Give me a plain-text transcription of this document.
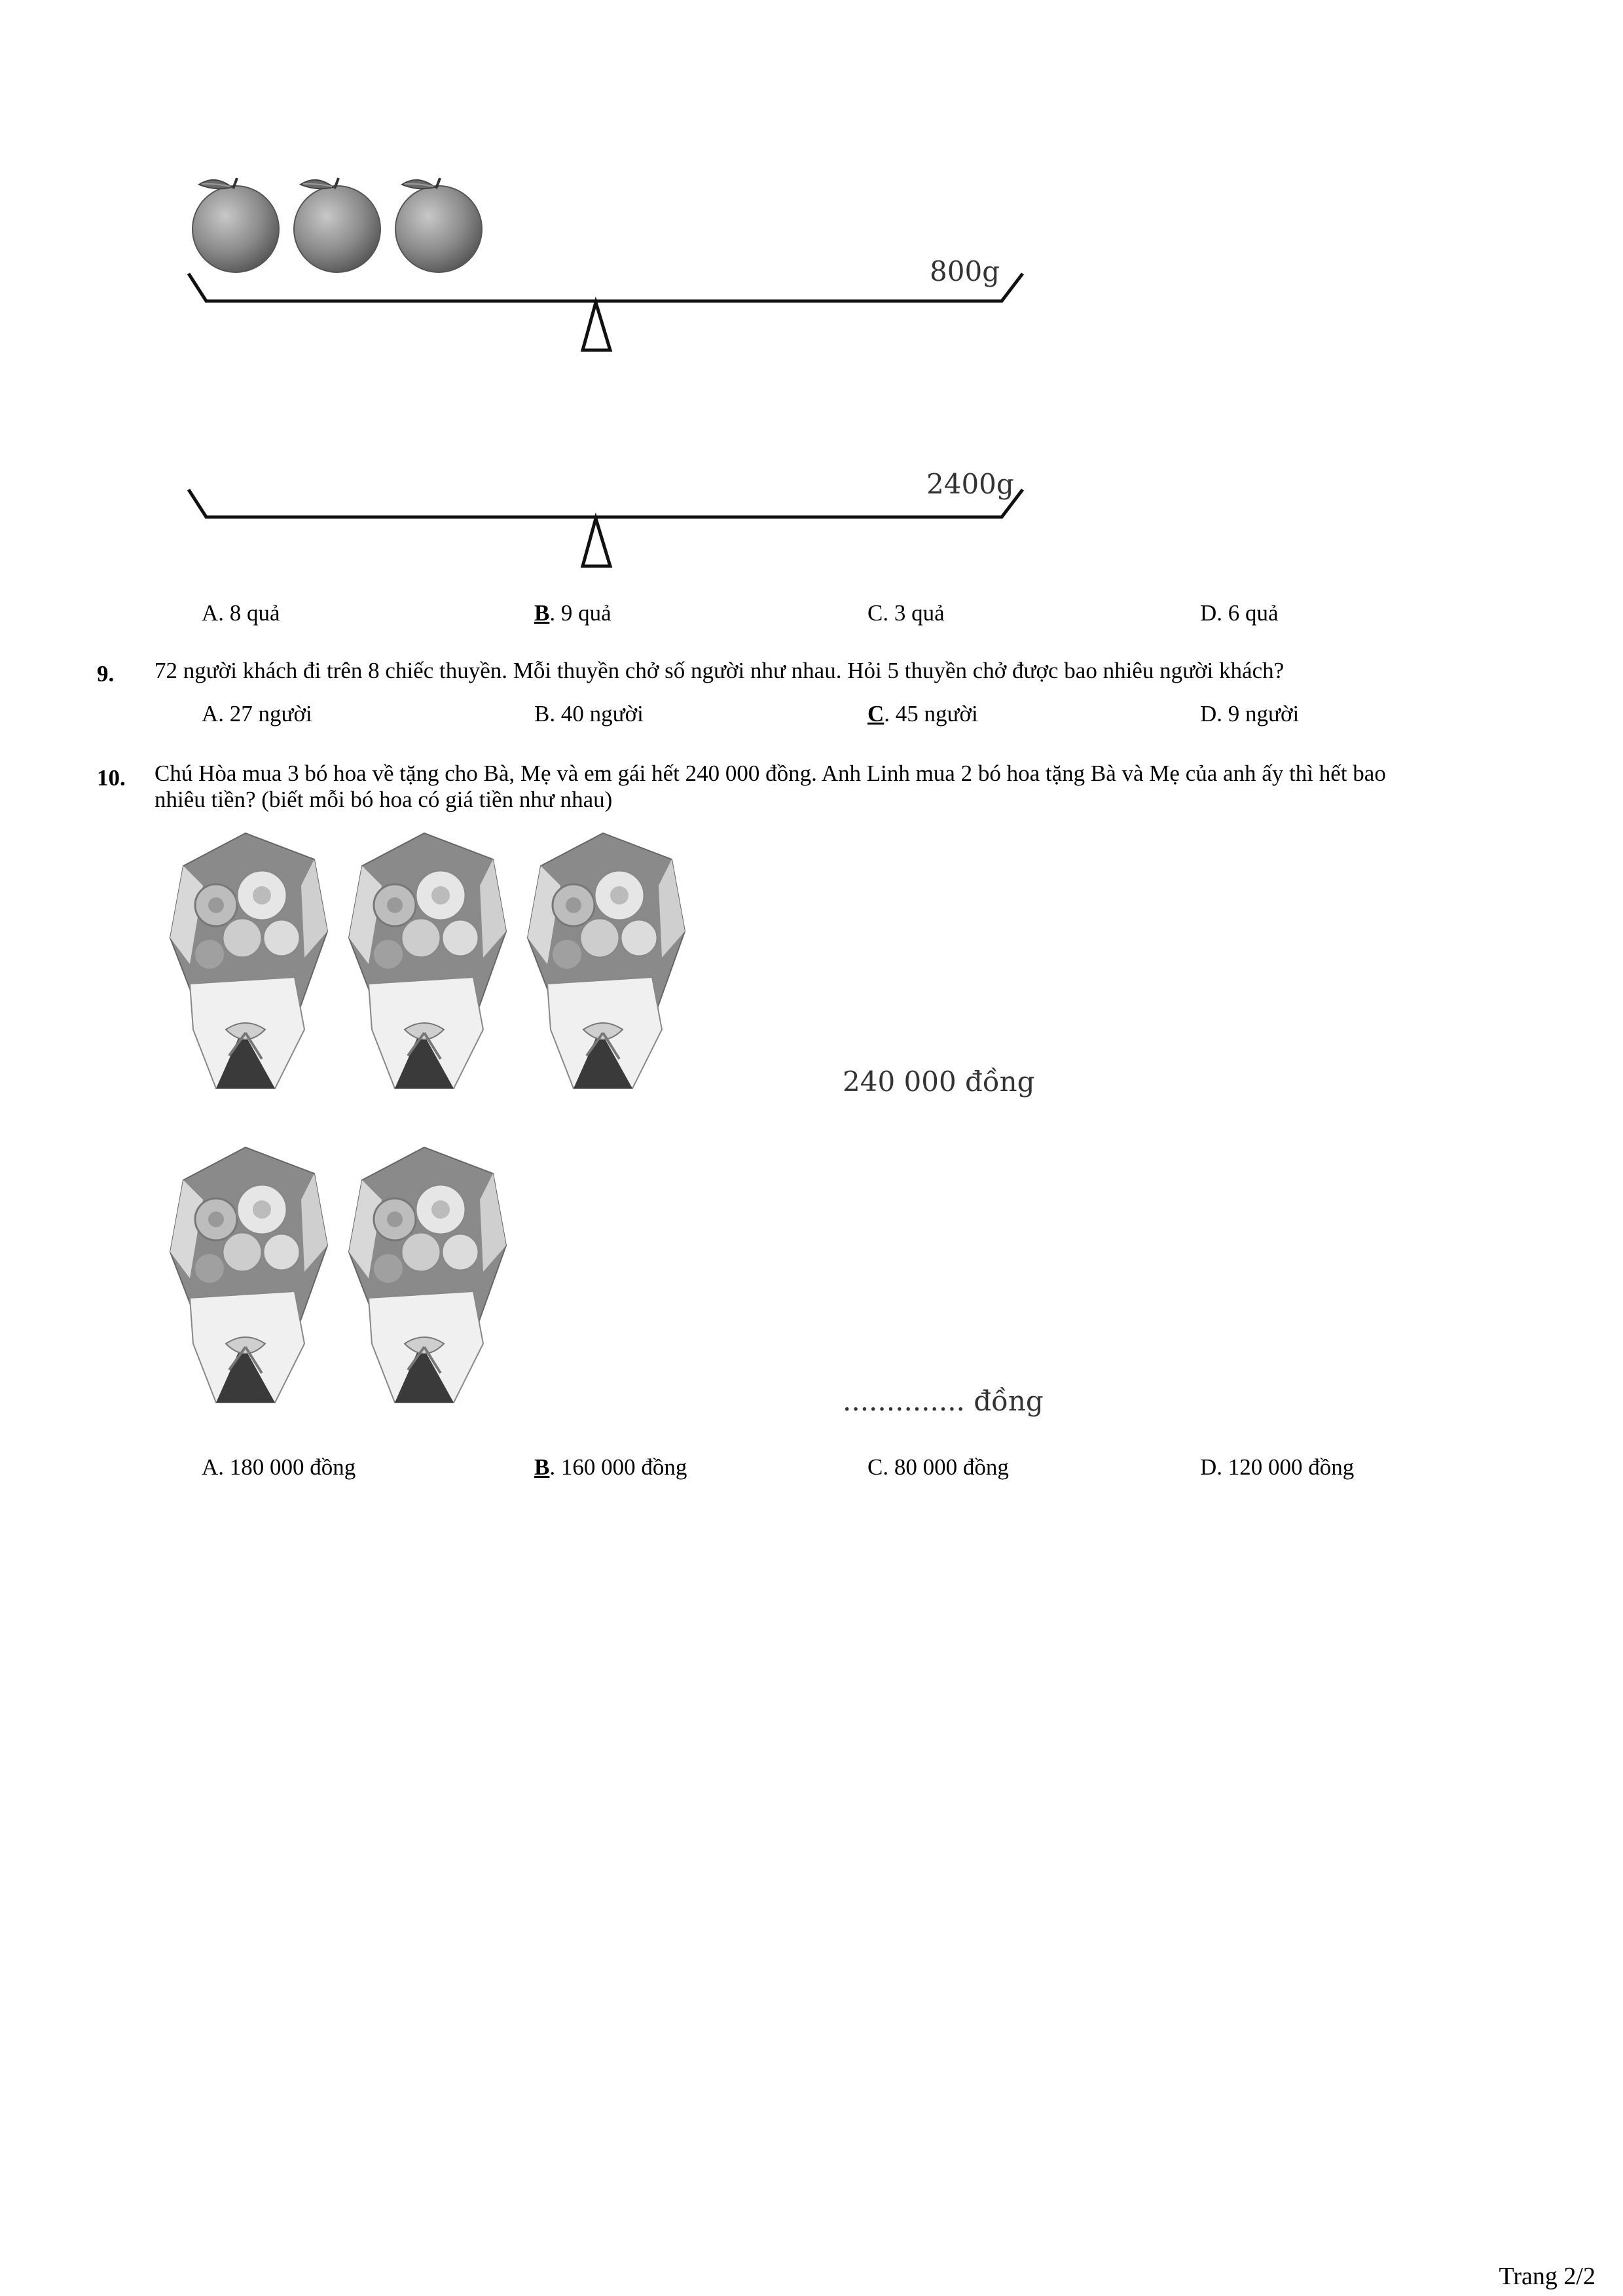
800g
2400g
A. 8 quả	B. 9 quả	C. 3 quả	D. 6 quả
9. 72 người khách đi trên 8 chiếc thuyền. Mỗi thuyền chở số người như nhau. Hỏi 5 thuyền chở được bao nhiêu người khách?
A. 27 người	B. 40 người	C. 45 người	D. 9 người
10. Chú Hòa mua 3 bó hoa về tặng cho Bà, Mẹ và em gái hết 240 000 đồng. Anh Linh mua 2 bó hoa tặng Bà và Mẹ của anh ấy thì hết bao
nhiêu tiền? (biết mỗi bó hoa có giá tiền như nhau)
240 000 đồng
.............. đồng
A. 180 000 đồng	B. 160 000 đồng	C. 80 000 đồng	D. 120 000 đồng
Trang 2/2
